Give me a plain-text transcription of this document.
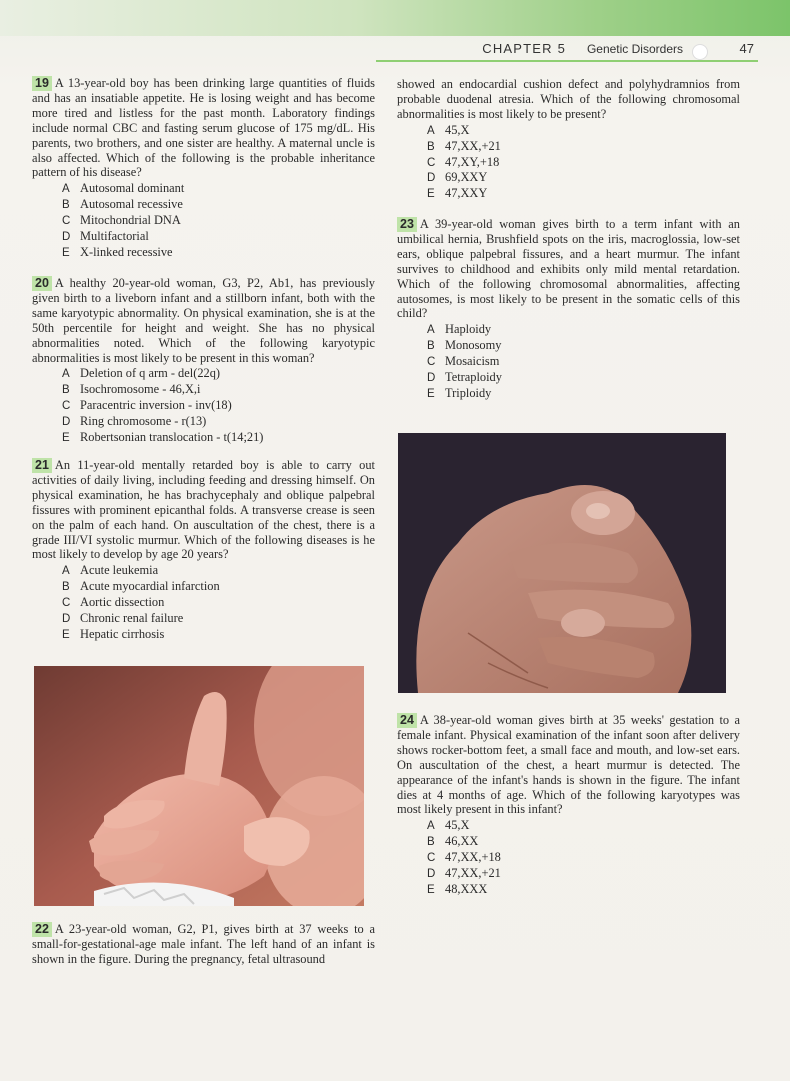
CHAPTER 5 Genetic Disorders	47

19 A 13-year-old boy has been drinking large quantities of fluids and has an insatiable appetite. He is losing weight and has become more tired and listless for the past month. Laboratory findings include normal CBC and fasting serum glucose of 175 mg/dL. His parents, two brothers, and one sister are healthy. A maternal uncle is also affected. Which of the following is the probable inheritance pattern of his disease?

A Autosomal dominant
B Autosomal recessive
C Mitochondrial DNA
D Multifactorial
E X-linked recessive

20 A healthy 20-year-old woman, G3, P2, Ab1, has previously given birth to a liveborn infant and a stillborn infant, both with the same karyotypic abnormality. On physical examination, she is at the 50th percentile for height and weight. She has no physical abnormalities noted. Which of the following karyotypic abnormalities is most likely to be present in this woman?

A Deletion of q arm - del(22q)
B Isochromosome - 46,X,i
C Paracentric inversion - inv(18)
D Ring chromosome - r(13)
E Robertsonian translocation - t(14;21)

21 An 11-year-old mentally retarded boy is able to carry out activities of daily living, including feeding and dressing himself. On physical examination, he has brachycephaly and oblique palpebral fissures with prominent epicanthal folds. A transverse crease is seen on the palm of each hand. On auscultation of the chest, there is a grade III/VI systolic murmur. Which of the following diseases is he most likely to develop by age 20 years?

A Acute leukemia
B Acute myocardial infarction
C Aortic dissection
D Chronic renal failure
E Hepatic cirrhosis

22 A 23-year-old woman, G2, P1, gives birth at 37 weeks to a small-for-gestational-age male infant. The left hand of an infant is shown in the figure. During the pregnancy, fetal ultrasound

showed an endocardial cushion defect and polyhydramnios from probable duodenal atresia. Which of the following chromosomal abnormalities is most likely to be present?

A 45,X
B 47,XX,+21
C 47,XY,+18
D 69,XXY
E 47,XXY

23 A 39-year-old woman gives birth to a term infant with an umbilical hernia, Brushfield spots on the iris, macroglossia, low-set ears, oblique palpebral fissures, and a heart murmur. The infant survives to childhood and exhibits only mild mental retardation. Which of the following chromosomal abnormalities, affecting autosomes, is most likely to be present in the somatic cells of this child?

A Haploidy
B Monosomy
C Mosaicism
D Tetraploidy
E Triploidy

24 A 38-year-old woman gives birth at 35 weeks' gestation to a female infant. Physical examination of the infant soon after delivery shows rocker-bottom feet, a small face and mouth, and low-set ears. On auscultation of the chest, a heart murmur is detected. The appearance of the infant's hands is shown in the figure. The infant dies at 4 months of age. Which of the following karyotypes was most likely present in this infant?

A 45,X
B 46,XX
C 47,XX,+18
D 47,XX,+21
E 48,XXX
